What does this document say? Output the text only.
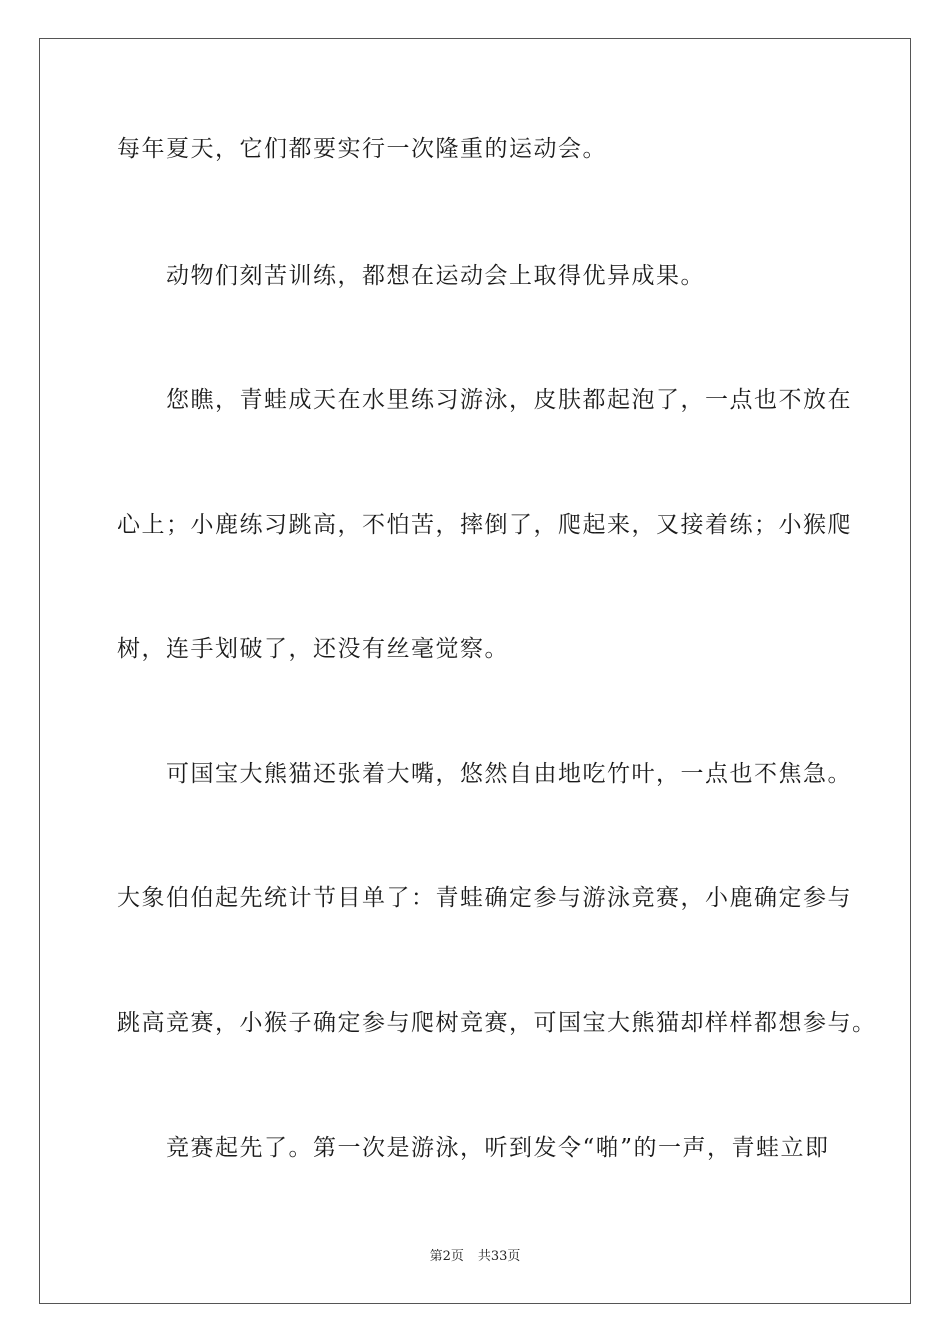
每年夏天，它们都要实行一次隆重的运动会。
　　动物们刻苦训练，都想在运动会上取得优异成果。
　　您瞧，青蛙成天在水里练习游泳，皮肤都起泡了，一点也不放在
心上；小鹿练习跳高，不怕苦，摔倒了，爬起来，又接着练；小猴爬
树，连手划破了，还没有丝毫觉察。
　　可国宝大熊猫还张着大嘴，悠然自由地吃竹叶，一点也不焦急。
大象伯伯起先统计节目单了：青蛙确定参与游泳竞赛，小鹿确定参与
跳高竞赛，小猴子确定参与爬树竞赛，可国宝大熊猫却样样都想参与。
　　竞赛起先了。第一次是游泳，听到发令“啪”的一声，青蛙立即
第2页 共33页
